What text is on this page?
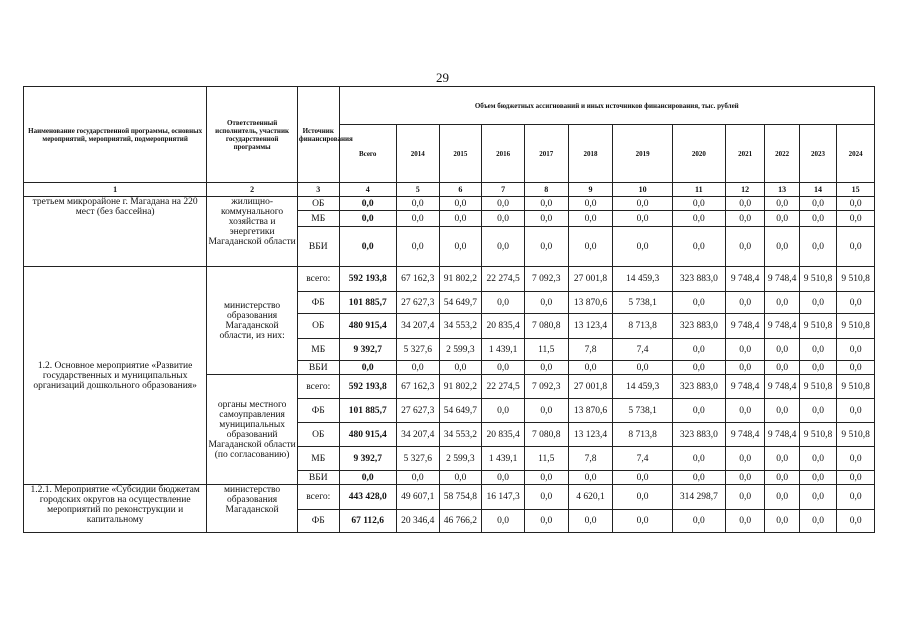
29
Наименование государственной программы, основных мероприятий, мероприятий, подмероприятий	Ответственный исполнитель, участник государственной программы	Источник финансирования	Объем бюджетных ассигнований и иных источников финансирования, тыс. рублей											
			Всего	2014	2015	2016	2017	2018	2019	2020	2021	2022	2023	2024
1	2	3	4	5	6	7	8	9	10	11	12	13	14	15
третьем микрорайоне г. Магадана на 220 мест (без бассейна)	жилищно-коммунального хозяйства и энергетики Магаданской области	ОБ	0,0	0,0	0,0	0,0	0,0	0,0	0,0	0,0	0,0	0,0	0,0	0,0
		МБ	0,0	0,0	0,0	0,0	0,0	0,0	0,0	0,0	0,0	0,0	0,0	0,0
		ВБИ	0,0	0,0	0,0	0,0	0,0	0,0	0,0	0,0	0,0	0,0	0,0	0,0
1.2. Основное мероприятие «Развитие государственных и муниципальных организаций дошкольного образования»	министерство образования Магаданской области, из них:	всего:	592 193,8	67 162,3	91 802,2	22 274,5	7 092,3	27 001,8	14 459,3	323 883,0	9 748,4	9 748,4	9 510,8	9 510,8
		ФБ	101 885,7	27 627,3	54 649,7	0,0	0,0	13 870,6	5 738,1	0,0	0,0	0,0	0,0	0,0
		ОБ	480 915,4	34 207,4	34 553,2	20 835,4	7 080,8	13 123,4	8 713,8	323 883,0	9 748,4	9 748,4	9 510,8	9 510,8
		МБ	9 392,7	5 327,6	2 599,3	1 439,1	11,5	7,8	7,4	0,0	0,0	0,0	0,0	0,0
		ВБИ	0,0	0,0	0,0	0,0	0,0	0,0	0,0	0,0	0,0	0,0	0,0	0,0
	органы местного самоуправления муниципальных образований Магаданской области (по согласованию)	всего:	592 193,8	67 162,3	91 802,2	22 274,5	7 092,3	27 001,8	14 459,3	323 883,0	9 748,4	9 748,4	9 510,8	9 510,8
		ФБ	101 885,7	27 627,3	54 649,7	0,0	0,0	13 870,6	5 738,1	0,0	0,0	0,0	0,0	0,0
		ОБ	480 915,4	34 207,4	34 553,2	20 835,4	7 080,8	13 123,4	8 713,8	323 883,0	9 748,4	9 748,4	9 510,8	9 510,8
		МБ	9 392,7	5 327,6	2 599,3	1 439,1	11,5	7,8	7,4	0,0	0,0	0,0	0,0	0,0
		ВБИ	0,0	0,0	0,0	0,0	0,0	0,0	0,0	0,0	0,0	0,0	0,0	0,0
1.2.1. Мероприятие «Субсидии бюджетам городских округов на осуществление мероприятий по реконструкции и капитальному	министерство образования Магаданской	всего:	443 428,0	49 607,1	58 754,8	16 147,3	0,0	4 620,1	0,0	314 298,7	0,0	0,0	0,0	0,0
		ФБ	67 112,6	20 346,4	46 766,2	0,0	0,0	0,0	0,0	0,0	0,0	0,0	0,0	0,0
